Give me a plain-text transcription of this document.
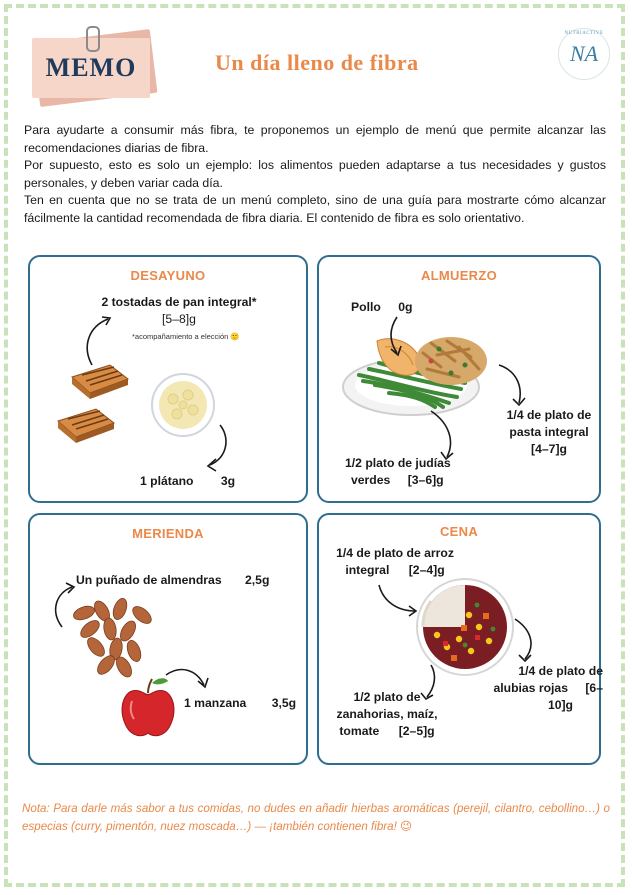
MEMO	Un día lleno de fibra
NUTRIACTIVE
NA

Para ayudarte a consumir más fibra, te proponemos un ejemplo de menú que permite alcanzar las recomendaciones diarias de fibra.

Por supuesto, esto es solo un ejemplo: los alimentos pueden adaptarse a tus necesidades y gustos personales, y deben variar cada día.

Ten en cuenta que no se trata de un menú completo, sino de una guía para mostrarte cómo alcanzar fácilmente la cantidad recomendada de fibra diaria. El contenido de fibra es solo orientativo.

DESAYUNO
2 tostadas de pan integral*
[5–8]g
*acompañamiento a elección 🙂
1 plátano 3g
ALMUERZO
Pollo 0g
1/4 de plato de
pasta integral
[4–7]g
1/2 plato de judías
verdes [3–6]g
MERIENDA
Un puñado de almendras 2,5g
1 manzana 3,5g
CENA
1/4 de plato de arroz
integral [2–4]g
1/4 de plato de
alubias rojas [6–
10]g
1/2 plato de
zanahorias, maíz,
tomate [2–5]g
Nota: Para darle más sabor a tus comidas, no dudes en añadir hierbas aromáticas (perejil, cilantro, cebollino…) o especias (curry, pimentón, nuez moscada…) — ¡también contienen fibra! 😉
